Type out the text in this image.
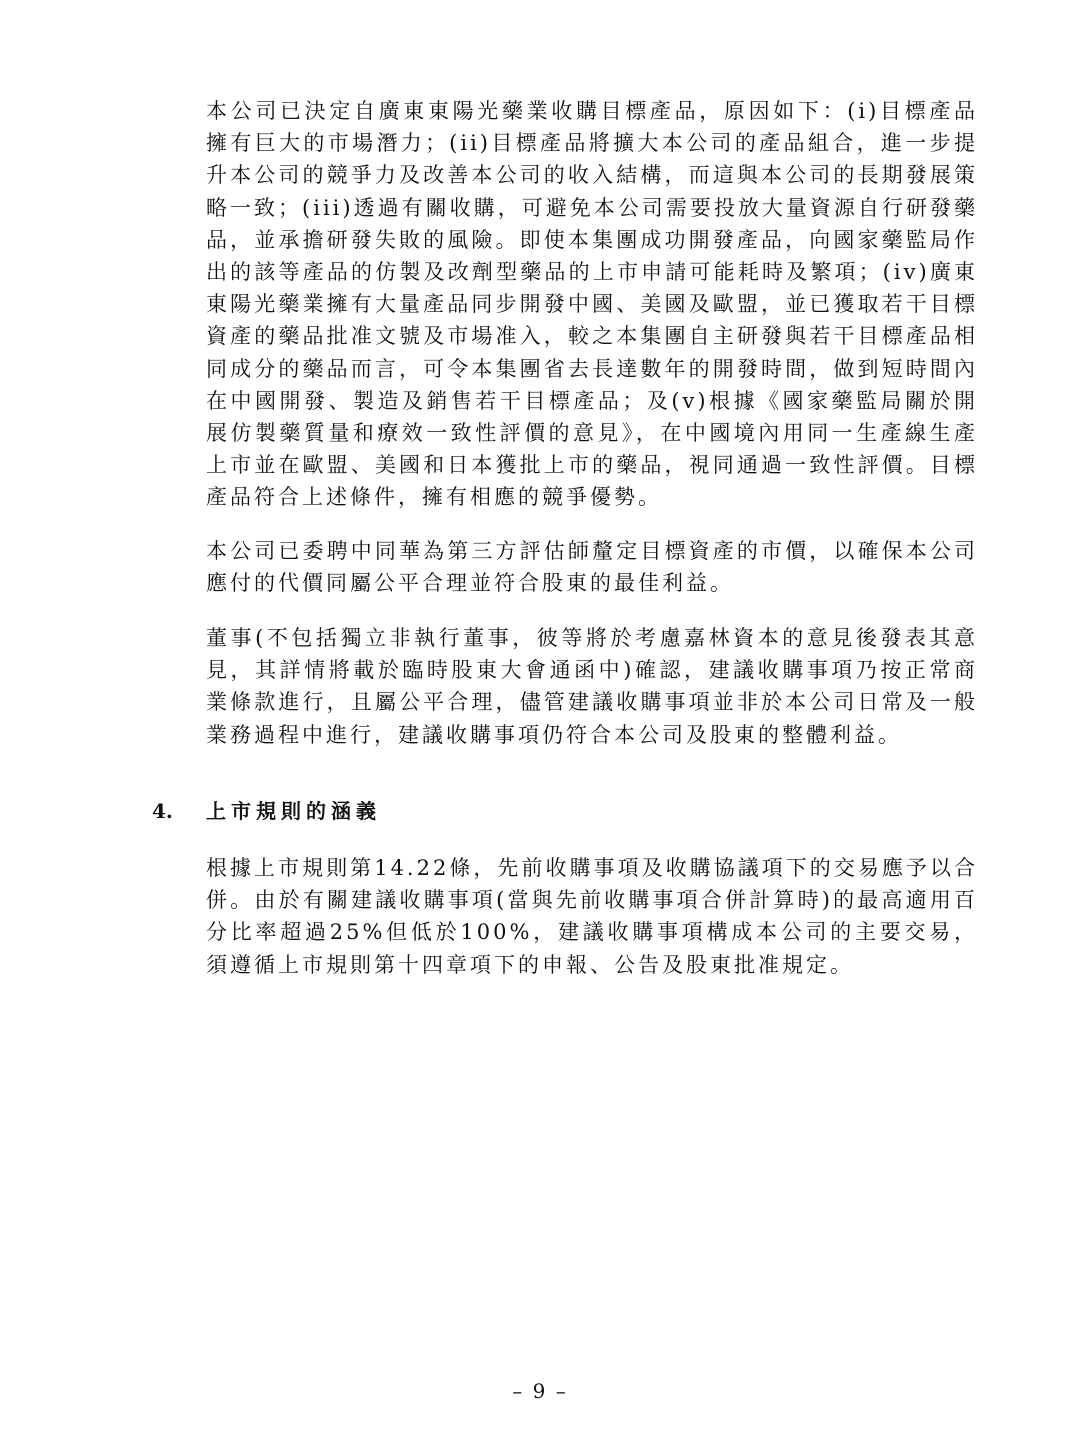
本公司已決定自廣東東陽光藥業收購目標產品，原因如下：(i)目標產品擁有巨大的市場潛力；(ii)目標產品將擴大本公司的產品組合，進一步提升本公司的競爭力及改善本公司的收入結構，而這與本公司的長期發展策略一致；(iii)透過有關收購，可避免本公司需要投放大量資源自行研發藥品，並承擔研發失敗的風險。即使本集團成功開發產品，向國家藥監局作出的該等產品的仿製及改劑型藥品的上市申請可能耗時及繁項；(iv)廣東東陽光藥業擁有大量產品同步開發中國、美國及歐盟，並已獲取若干目標資產的藥品批准文號及市場准入，較之本集團自主研發與若干目標產品相同成分的藥品而言，可令本集團省去長達數年的開發時間，做到短時間內在中國開發、製造及銷售若干目標產品；及(v)根據《國家藥監局關於開展仿製藥質量和療效一致性評價的意見》，在中國境內用同一生產線生產上市並在歐盟、美國和日本獲批上市的藥品，視同通過一致性評價。目標產品符合上述條件，擁有相應的競爭優勢。

本公司已委聘中同華為第三方評估師釐定目標資產的市價，以確保本公司應付的代價同屬公平合理並符合股東的最佳利益。

董事(不包括獨立非執行董事，彼等將於考慮嘉林資本的意見後發表其意見，其詳情將載於臨時股東大會通函中)確認，建議收購事項乃按正常商業條款進行，且屬公平合理，儘管建議收購事項並非於本公司日常及一般業務過程中進行，建議收購事項仍符合本公司及股東的整體利益。

4. 上市規則的涵義

根據上市規則第14.22條，先前收購事項及收購協議項下的交易應予以合併。由於有關建議收購事項(當與先前收購事項合併計算時)的最高適用百分比率超過25%但低於100%，建議收購事項構成本公司的主要交易，須遵循上市規則第十四章項下的申報、公告及股東批准規定。

– 9 –
